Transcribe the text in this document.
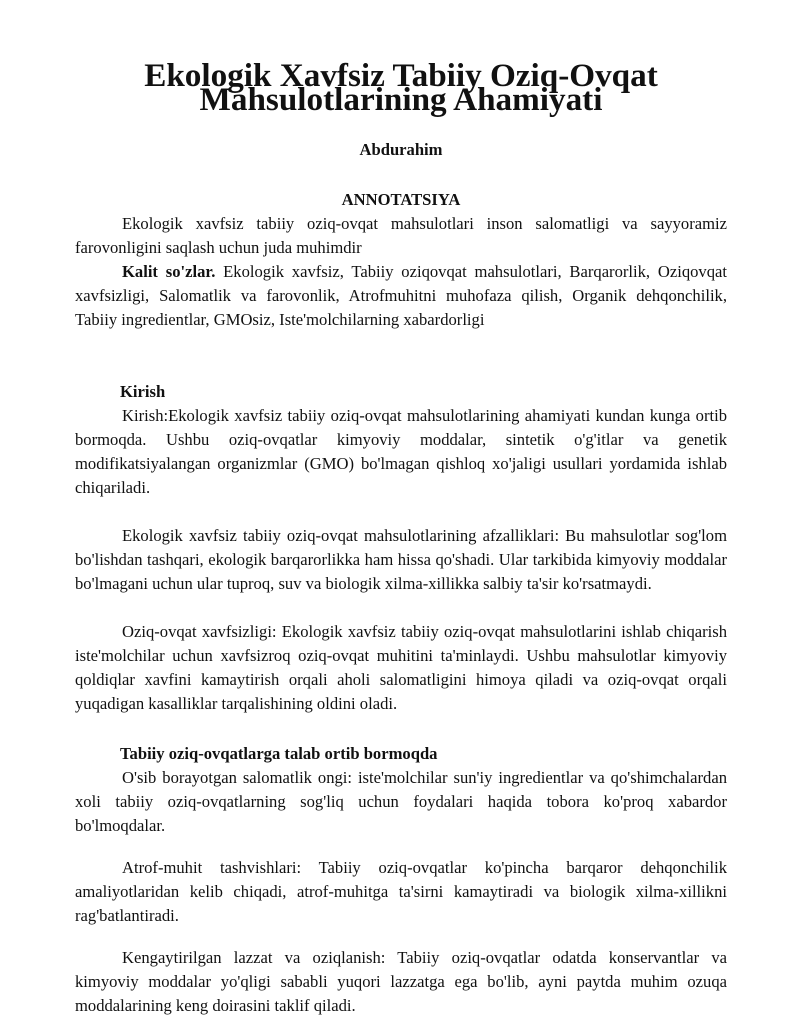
Ekologik Xavfsiz Tabiiy Oziq-Ovqat Mahsulotlarining Ahamiyati
Abdurahim
ANNOTATSIYA

Ekologik xavfsiz tabiiy oziq-ovqat mahsulotlari inson salomatligi va sayyoramiz farovonligini saqlash uchun juda muhimdir

Kalit so'zlar. Ekologik xavfsiz, Tabiiy oziqovqat mahsulotlari, Barqarorlik, Oziqovqat xavfsizligi, Salomatlik va farovonlik, Atrofmuhitni muhofaza qilish, Organik dehqonchilik, Tabiiy ingredientlar, GMOsiz, Iste'molchilarning xabardorligi

Kirish

Kirish:Ekologik xavfsiz tabiiy oziq-ovqat mahsulotlarining ahamiyati kundan kunga ortib bormoqda. Ushbu oziq-ovqatlar kimyoviy moddalar, sintetik o'g'itlar va genetik modifikatsiyalangan organizmlar (GMO) bo'lmagan qishloq xo'jaligi usullari yordamida ishlab chiqariladi.

Ekologik xavfsiz tabiiy oziq-ovqat mahsulotlarining afzalliklari: Bu mahsulotlar sog'lom bo'lishdan tashqari, ekologik barqarorlikka ham hissa qo'shadi. Ular tarkibida kimyoviy moddalar bo'lmagani uchun ular tuproq, suv va biologik xilma-xillikka salbiy ta'sir ko'rsatmaydi.

Oziq-ovqat xavfsizligi: Ekologik xavfsiz tabiiy oziq-ovqat mahsulotlarini ishlab chiqarish iste'molchilar uchun xavfsizroq oziq-ovqat muhitini ta'minlaydi. Ushbu mahsulotlar kimyoviy qoldiqlar xavfini kamaytirish orqali aholi salomatligini himoya qiladi va oziq-ovqat orqali yuqadigan kasalliklar tarqalishining oldini oladi.

Tabiiy oziq-ovqatlarga talab ortib bormoqda

O'sib borayotgan salomatlik ongi: iste'molchilar sun'iy ingredientlar va qo'shimchalardan xoli tabiiy oziq-ovqatlarning sog'liq uchun foydalari haqida tobora ko'proq xabardor bo'lmoqdalar.

Atrof-muhit tashvishlari: Tabiiy oziq-ovqatlar ko'pincha barqaror dehqonchilik amaliyotlaridan kelib chiqadi, atrof-muhitga ta'sirni kamaytiradi va biologik xilma-xillikni rag'batlantiradi.

Kengaytirilgan lazzat va oziqlanish: Tabiiy oziq-ovqatlar odatda konservantlar va kimyoviy moddalar yo'qligi sababli yuqori lazzatga ega bo'lib, ayni paytda muhim ozuqa moddalarining keng doirasini taklif qiladi.
